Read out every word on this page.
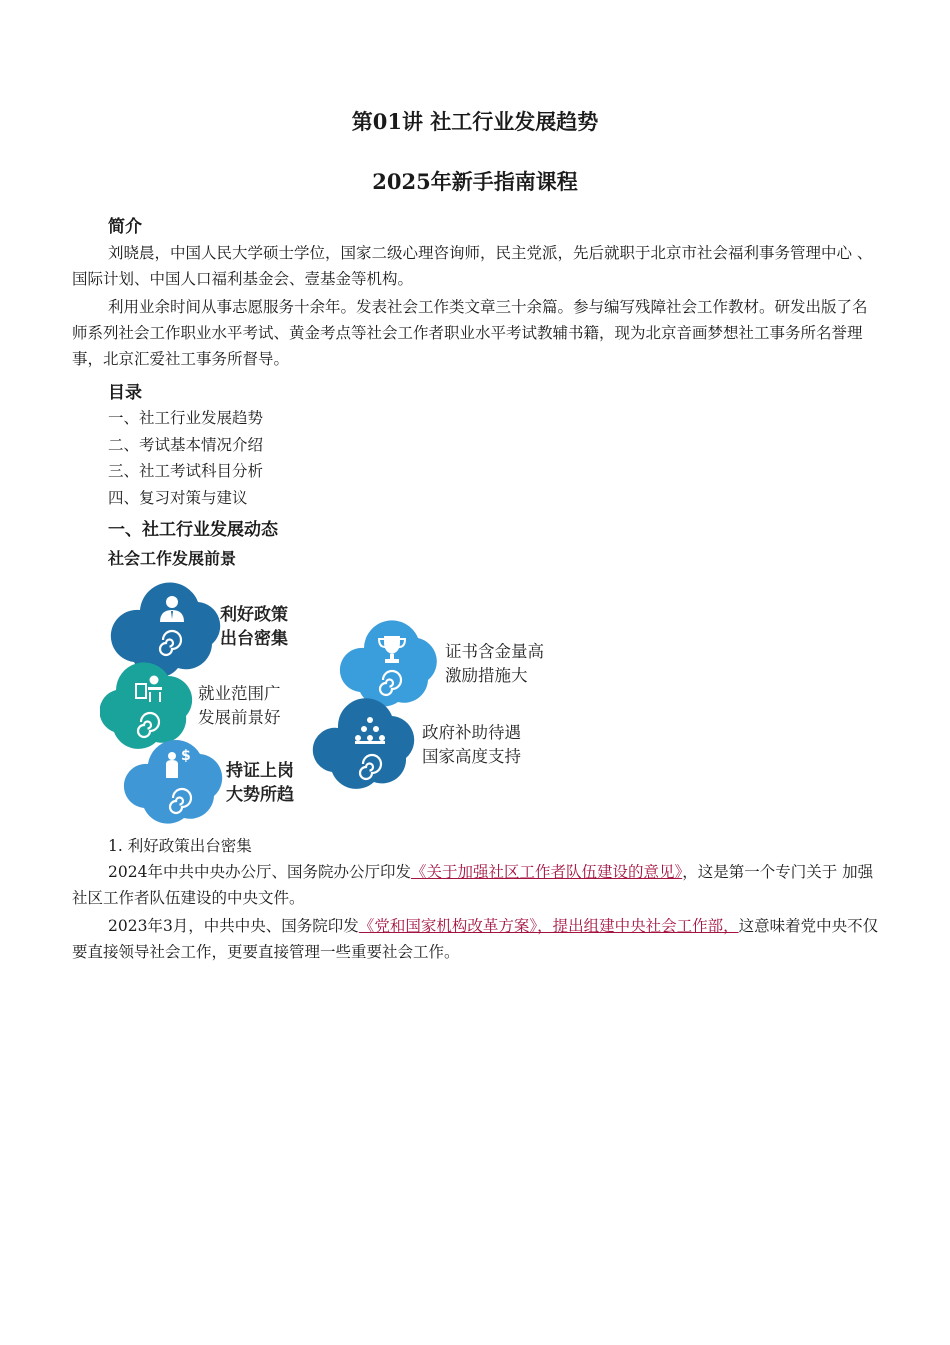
第01讲 社工行业发展趋势
2025年新手指南课程
简介

刘晓晨，中国人民大学硕士学位，国家二级心理咨询师，民主党派，先后就职于北京市社会福利事务管理中心 、国际计划、中国人口福利基金会、壹基金等机构。

利用业余时间从事志愿服务十余年。发表社会工作类文章三十余篇。参与编写残障社会工作教材。研发出版了名师系列社会工作职业水平考试、黄金考点等社会工作者职业水平考试教辅书籍，现为北京音画梦想社工事务所名誉理事，北京汇爱社工事务所督导。

目录
一、社工行业发展趋势
二、考试基本情况介绍
三、社工考试科目分析
四、复习对策与建议
一、社工行业发展动态
社会工作发展前景
利好政策
出台密集
就业范围广
发展前景好
$
持证上岗
大势所趋
证书含金量高
激励措施大
政府补助待遇
国家高度支持
1. 利好政策出台密集

2024年中共中央办公厅、国务院办公厅印发《关于加强社区工作者队伍建设的意见》，这是第一个专门关于 加强社区工作者队伍建设的中央文件。

2023年3月，中共中央、国务院印发《党和国家机构改革方案》，提出组建中央社会工作部，这意味着党中央不仅要直接领导社会工作，更要直接管理一些重要社会工作。
